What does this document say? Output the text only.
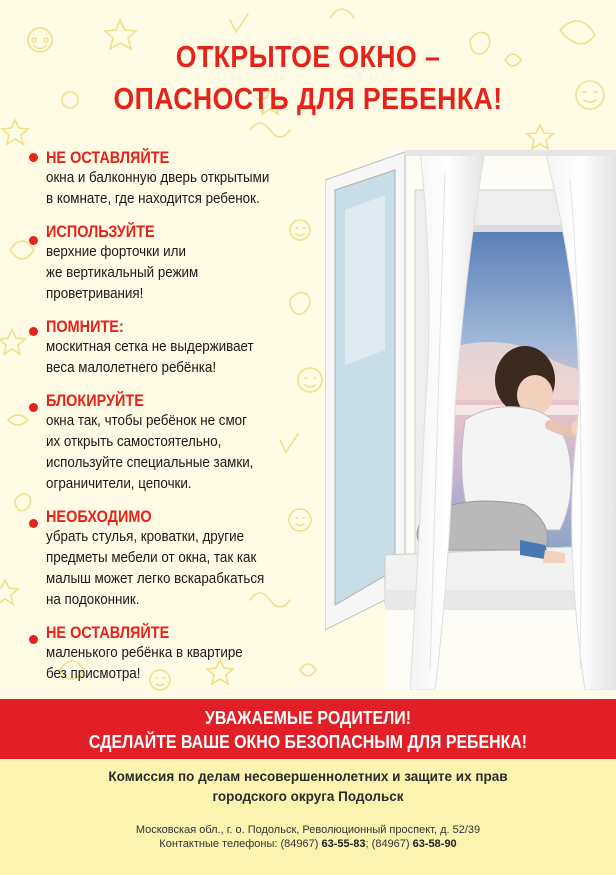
ОТКРЫТОЕ ОКНО –
ОПАСНОСТЬ ДЛЯ РЕБЕНКА!
НЕ ОСТАВЛЯЙТЕ
окна и балконную дверь открытыми
в комнате, где находится ребенок.
ИСПОЛЬЗУЙТЕ
верхние форточки или
же вертикальный режим
проветривания!
ПОМНИТЕ:
москитная сетка не выдерживает
веса малолетнего ребёнка!
БЛОКИРУЙТЕ
окна так, чтобы ребёнок не смог
их открыть самостоятельно,
используйте специальные замки,
ограничители, цепочки.
НЕОБХОДИМО
убрать стулья, кроватки, другие
предметы мебели от окна, так как
малыш может легко вскарабкаться
на подоконник.
НЕ ОСТАВЛЯЙТЕ
маленького ребёнка в квартире
без присмотра!
УВАЖАЕМЫЕ РОДИТЕЛИ!
СДЕЛАЙТЕ ВАШЕ ОКНО БЕЗОПАСНЫМ ДЛЯ РЕБЕНКА!
Комиссия по делам несовершеннолетних и защите их прав
городского округа Подольск
Московская обл., г. о. Подольск, Революционный проспект, д. 52/39
Контактные телефоны: (84967) 63-55-83; (84967) 63-58-90
